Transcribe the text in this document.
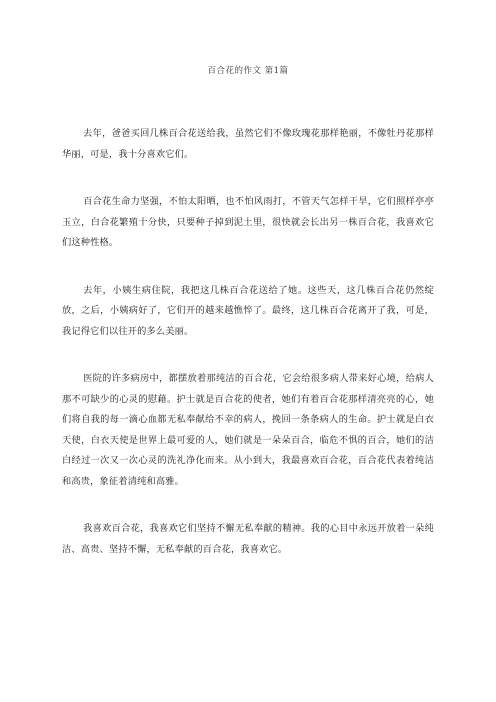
百合花的作文 第1篇

去年，爸爸买回几株百合花送给我，虽然它们不像玫瑰花那样艳丽，不像牡丹花那样华丽，可是，我十分喜欢它们。

百合花生命力坚强，不怕太阳晒，也不怕风雨打，不管天气怎样干旱，它们照样亭亭玉立，白合花繁殖十分快，只要种子掉到泥土里，很快就会长出另一株百合花，我喜欢它们这种性格。

去年，小姨生病住院，我把这几株百合花送给了她。这些天，这几株百合花仍然绽放，之后，小姨病好了，它们开的越来越憔悴了。最终，这几株百合花离开了我，可是，我记得它们以往开的多么美丽。

医院的许多病房中，都摆放着那纯洁的百合花，它会给很多病人带来好心境，给病人那不可缺少的心灵的慰藉。护士就是百合花的使者，她们有着百合花那样清亮亮的心，她们将自我的每一滴心血都无私奉献给不幸的病人，挽回一条条病人的生命。护士就是白衣天使，白衣天使是世界上最可爱的人，她们就是一朵朵百合，临危不惧的百合，她们的洁白经过一次又一次心灵的洗礼净化而来。从小到大，我最喜欢百合花，百合花代表着纯洁和高贵，象征着清纯和高雅。

我喜欢百合花，我喜欢它们坚持不懈无私奉献的精神。我的心目中永远开放着一朵纯洁、高贵、坚持不懈，无私奉献的百合花，我喜欢它。
